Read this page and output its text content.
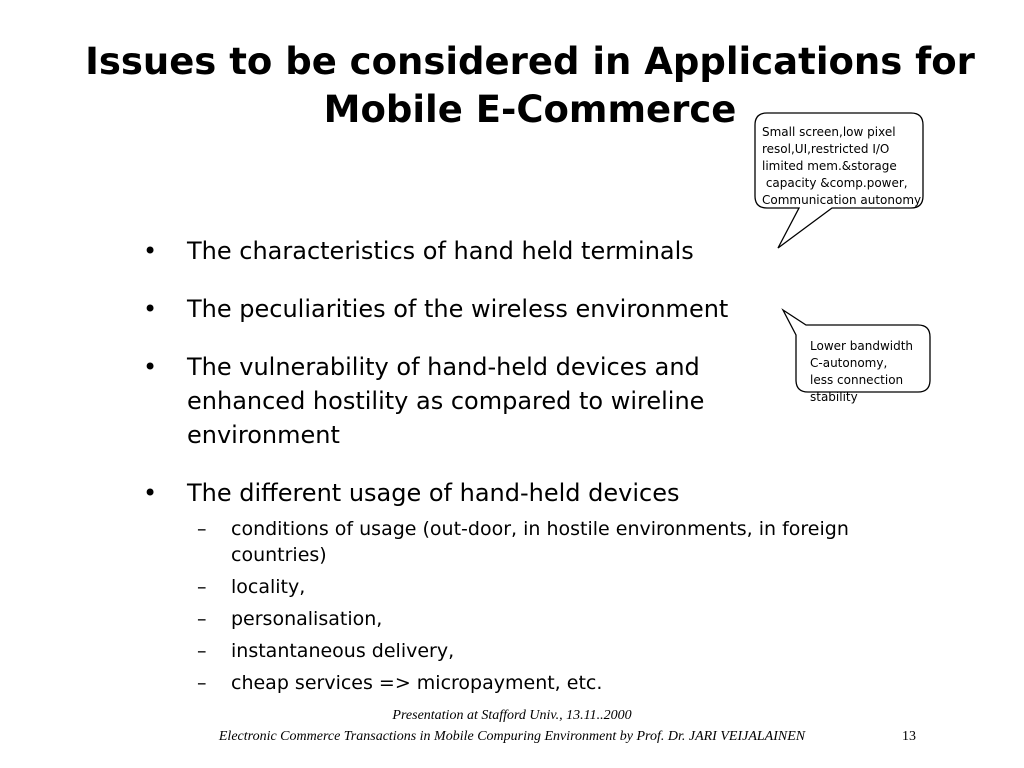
Issues to be considered in Applications for
Mobile E-Commerce
Small screen,low pixel
resol,UI,restricted I/O
limited mem.&storage
capacity &comp.power,
Communication autonomy
Lower bandwidth
C-autonomy,
less connection
stability
• The characteristics of hand held terminals
• The peculiarities of the wireless environment
• The vulnerability of hand-held devices and enhanced hostility as compared to wireline environment
• The different usage of hand-held devices
– conditions of usage (out-door, in hostile environments, in foreign countries)
– locality,
– personalisation,
– instantaneous delivery,
– cheap services => micropayment, etc.
Presentation at Stafford Univ., 13.11..2000
Electronic Commerce Transactions in Mobile Compuring Environment by Prof. Dr. JARI VEIJALAINEN	13
